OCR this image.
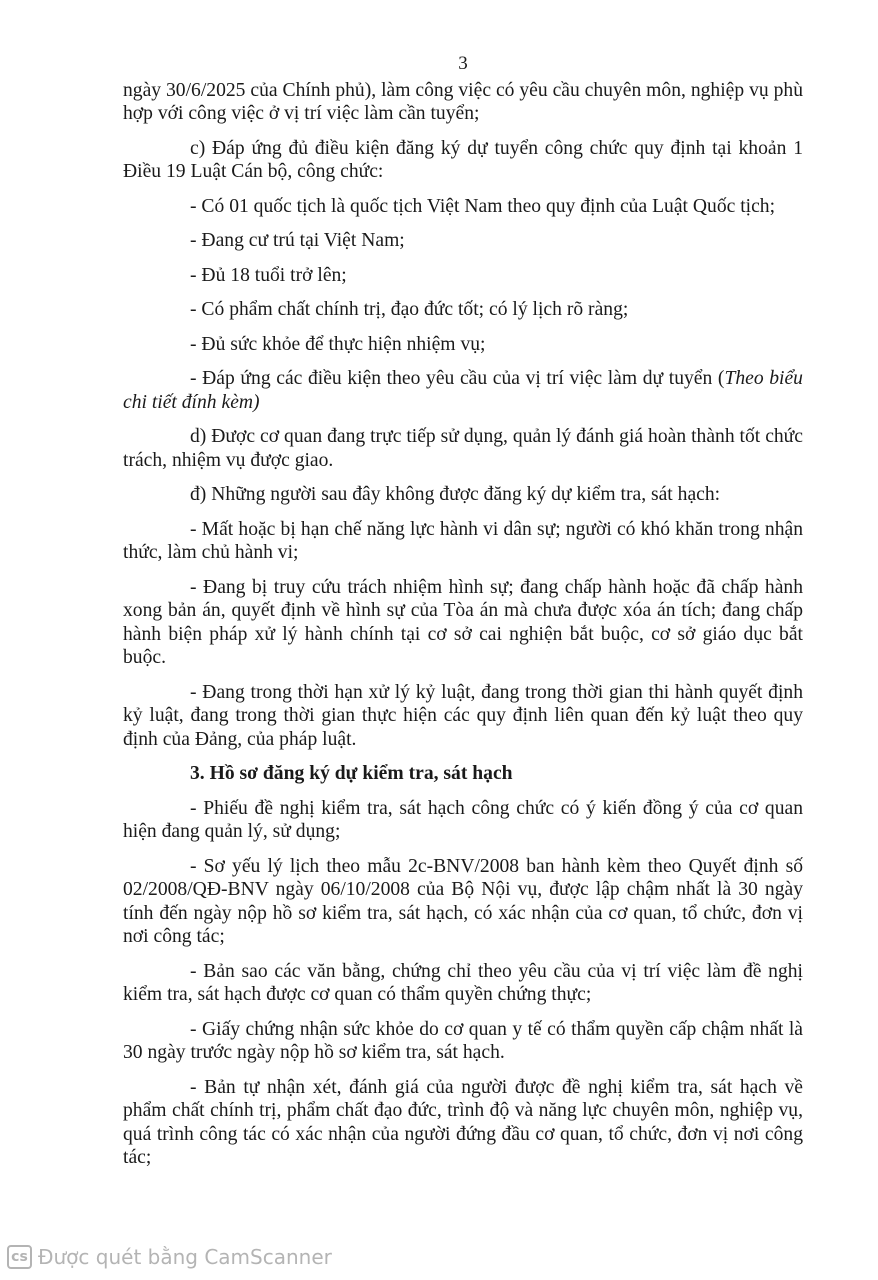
3

ngày 30/6/2025 của Chính phủ), làm công việc có yêu cầu chuyên môn, nghiệp vụ phù hợp với công việc ở vị trí việc làm cần tuyển;

c) Đáp ứng đủ điều kiện đăng ký dự tuyển công chức quy định tại khoản 1 Điều 19 Luật Cán bộ, công chức:

- Có 01 quốc tịch là quốc tịch Việt Nam theo quy định của Luật Quốc tịch;

- Đang cư trú tại Việt Nam;

- Đủ 18 tuổi trở lên;

- Có phẩm chất chính trị, đạo đức tốt; có lý lịch rõ ràng;

- Đủ sức khỏe để thực hiện nhiệm vụ;

- Đáp ứng các điều kiện theo yêu cầu của vị trí việc làm dự tuyển (Theo biểu chi tiết đính kèm)

d) Được cơ quan đang trực tiếp sử dụng, quản lý đánh giá hoàn thành tốt chức trách, nhiệm vụ được giao.

đ) Những người sau đây không được đăng ký dự kiểm tra, sát hạch:

- Mất hoặc bị hạn chế năng lực hành vi dân sự; người có khó khăn trong nhận thức, làm chủ hành vi;

- Đang bị truy cứu trách nhiệm hình sự; đang chấp hành hoặc đã chấp hành xong bản án, quyết định về hình sự của Tòa án mà chưa được xóa án tích; đang chấp hành biện pháp xử lý hành chính tại cơ sở cai nghiện bắt buộc, cơ sở giáo dục bắt buộc.

- Đang trong thời hạn xử lý kỷ luật, đang trong thời gian thi hành quyết định kỷ luật, đang trong thời gian thực hiện các quy định liên quan đến kỷ luật theo quy định của Đảng, của pháp luật.

3. Hồ sơ đăng ký dự kiểm tra, sát hạch

- Phiếu đề nghị kiểm tra, sát hạch công chức có ý kiến đồng ý của cơ quan hiện đang quản lý, sử dụng;

- Sơ yếu lý lịch theo mẫu 2c-BNV/2008 ban hành kèm theo Quyết định số 02/2008/QĐ-BNV ngày 06/10/2008 của Bộ Nội vụ, được lập chậm nhất là 30 ngày tính đến ngày nộp hồ sơ kiểm tra, sát hạch, có xác nhận của cơ quan, tổ chức, đơn vị nơi công tác;

- Bản sao các văn bằng, chứng chỉ theo yêu cầu của vị trí việc làm đề nghị kiểm tra, sát hạch được cơ quan có thẩm quyền chứng thực;

- Giấy chứng nhận sức khỏe do cơ quan y tế có thẩm quyền cấp chậm nhất là 30 ngày trước ngày nộp hồ sơ kiểm tra, sát hạch.

- Bản tự nhận xét, đánh giá của người được đề nghị kiểm tra, sát hạch về phẩm chất chính trị, phẩm chất đạo đức, trình độ và năng lực chuyên môn, nghiệp vụ, quá trình công tác có xác nhận của người đứng đầu cơ quan, tổ chức, đơn vị nơi công tác;

cs Được quét bằng CamScanner
